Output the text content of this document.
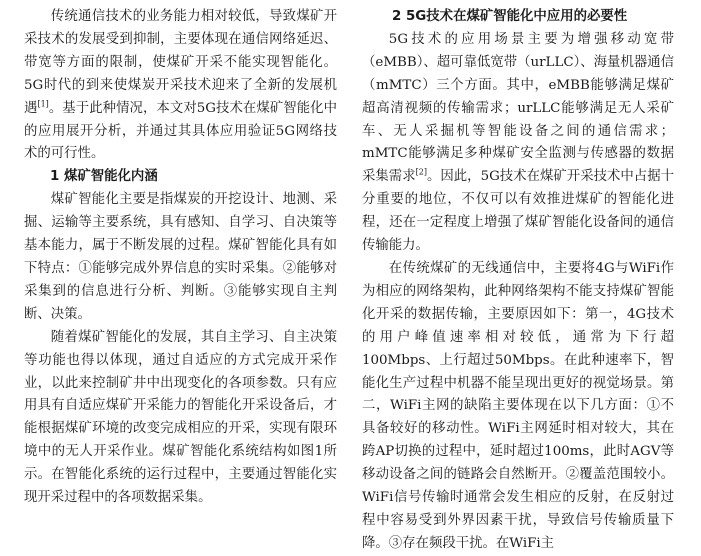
传统通信技术的业务能力相对较低，导致煤矿开采技术的发展受到抑制，主要体现在通信网络延迟、带宽等方面的限制，使煤矿开采不能实现智能化。5G时代的到来使煤炭开采技术迎来了全新的发展机遇[1]。基于此种情况，本文对5G技术在煤矿智能化中的应用展开分析，并通过其具体应用验证5G网络技术的可行性。

1 煤矿智能化内涵

煤矿智能化主要是指煤炭的开挖设计、地测、采掘、运输等主要系统，具有感知、自学习、自决策等基本能力，属于不断发展的过程。煤矿智能化具有如下特点：①能够完成外界信息的实时采集。②能够对采集到的信息进行分析、判断。③能够实现自主判断、决策。

随着煤矿智能化的发展，其自主学习、自主决策等功能也得以体现，通过自适应的方式完成开采作业，以此来控制矿井中出现变化的各项参数。只有应用具有自适应煤矿开采能力的智能化开采设备后，才能根据煤矿环境的改变完成相应的开采，实现有限环境中的无人开采作业。煤矿智能化系统结构如图1所示。在智能化系统的运行过程中，主要通过智能化实现开采过程中的各项数据采集。

2 5G技术在煤矿智能化中应用的必要性

5G技术的应用场景主要为增强移动宽带（eMBB）、超可靠低宽带（urLLC）、海量机器通信（mMTC）三个方面。其中，eMBB能够满足煤矿超高清视频的传输需求；urLLC能够满足无人采矿车、无人采掘机等智能设备之间的通信需求；mMTC能够满足多种煤矿安全监测与传感器的数据采集需求[2]。因此，5G技术在煤矿开采技术中占据十分重要的地位，不仅可以有效推进煤矿的智能化进程，还在一定程度上增强了煤矿智能化设备间的通信传输能力。

在传统煤矿的无线通信中，主要将4G与WiFi作为相应的网络架构，此种网络架构不能支持煤矿智能化开采的数据传输，主要原因如下：第一，4G技术的用户峰值速率相对较低，通常为下行超100Mbps、上行超过50Mbps。在此种速率下，智能化生产过程中机器不能呈现出更好的视觉场景。第二，WiFi主网的缺陷主要体现在以下几方面：①不具备较好的移动性。WiFi主网延时相对较大，其在跨AP切换的过程中，延时超过100ms，此时AGV等移动设备之间的链路会自然断开。②覆盖范围较小。WiFi信号传输时通常会发生相应的反射，在反射过程中容易受到外界因素干扰，导致信号传输质量下降。③存在频段干扰。在WiFi主
